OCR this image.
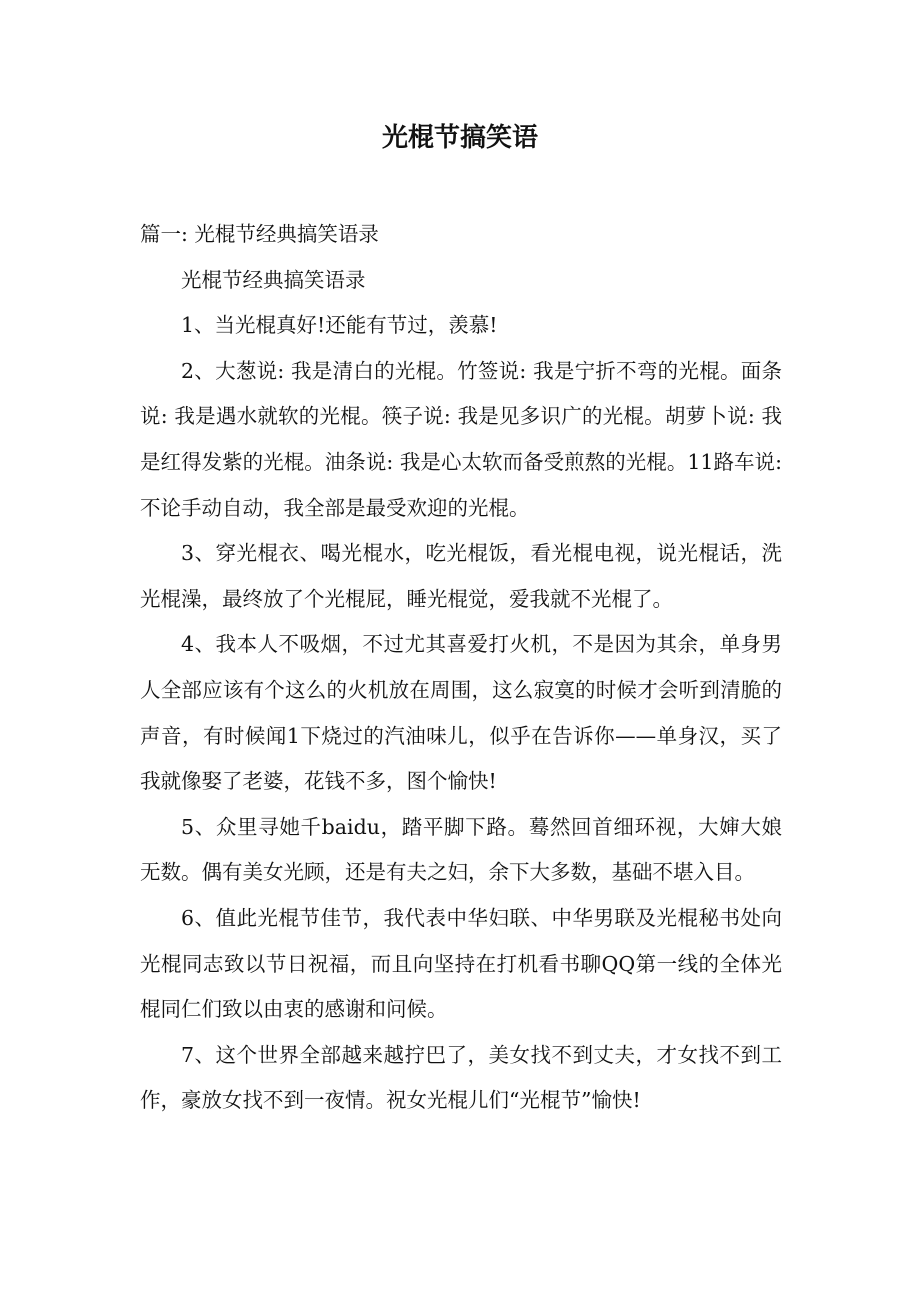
光棍节搞笑语

篇一: 光棍节经典搞笑语录

光棍节经典搞笑语录

1、当光棍真好!还能有节过，羡慕!

2、大葱说: 我是清白的光棍。竹签说: 我是宁折不弯的光棍。面条说: 我是遇水就软的光棍。筷子说: 我是见多识广的光棍。胡萝卜说: 我是红得发紫的光棍。油条说: 我是心太软而备受煎熬的光棍。11路车说: 不论手动自动，我全部是最受欢迎的光棍。

3、穿光棍衣、喝光棍水，吃光棍饭，看光棍电视，说光棍话，洗光棍澡，最终放了个光棍屁，睡光棍觉，爱我就不光棍了。

4、我本人不吸烟，不过尤其喜爱打火机，不是因为其余，单身男人全部应该有个这么的火机放在周围，这么寂寞的时候才会听到清脆的声音，有时候闻1下烧过的汽油味儿，似乎在告诉你——单身汉，买了我就像娶了老婆，花钱不多，图个愉快!

5、众里寻她千baidu，踏平脚下路。蓦然回首细环视，大婶大娘无数。偶有美女光顾，还是有夫之妇，余下大多数，基础不堪入目。

6、值此光棍节佳节，我代表中华妇联、中华男联及光棍秘书处向光棍同志致以节日祝福，而且向坚持在打机看书聊QQ第一线的全体光棍同仁们致以由衷的感谢和问候。

7、这个世界全部越来越拧巴了，美女找不到丈夫，才女找不到工作，豪放女找不到一夜情。祝女光棍儿们“光棍节”愉快!
